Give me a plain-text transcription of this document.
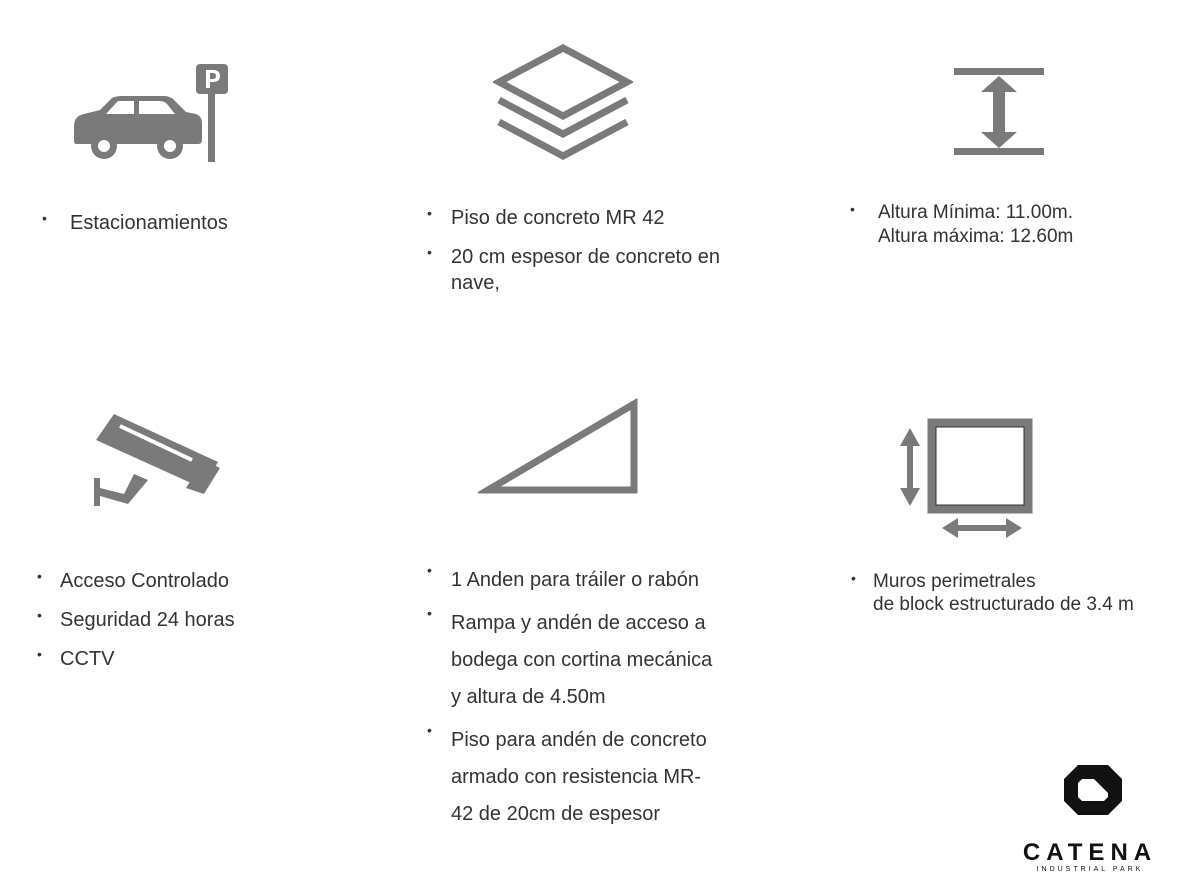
• Estacionamientos	• Piso de concreto MR 42
• 20 cm espesor de concreto en nave,
• Altura Mínima: 11.00m.
Altura máxima: 12.60m
• Acceso Controlado
• Seguridad 24 horas
• CCTV
• 1 Anden para tráiler o rabón
• Rampa y andén de acceso a
bodega con cortina mecánica
y altura de 4.50m
• Piso para andén de concreto
armado con resistencia MR-
42 de 20cm de espesor
• Muros perimetrales
de block estructurado de 3.4 m
CATENA
INDUSTRIAL PARK
